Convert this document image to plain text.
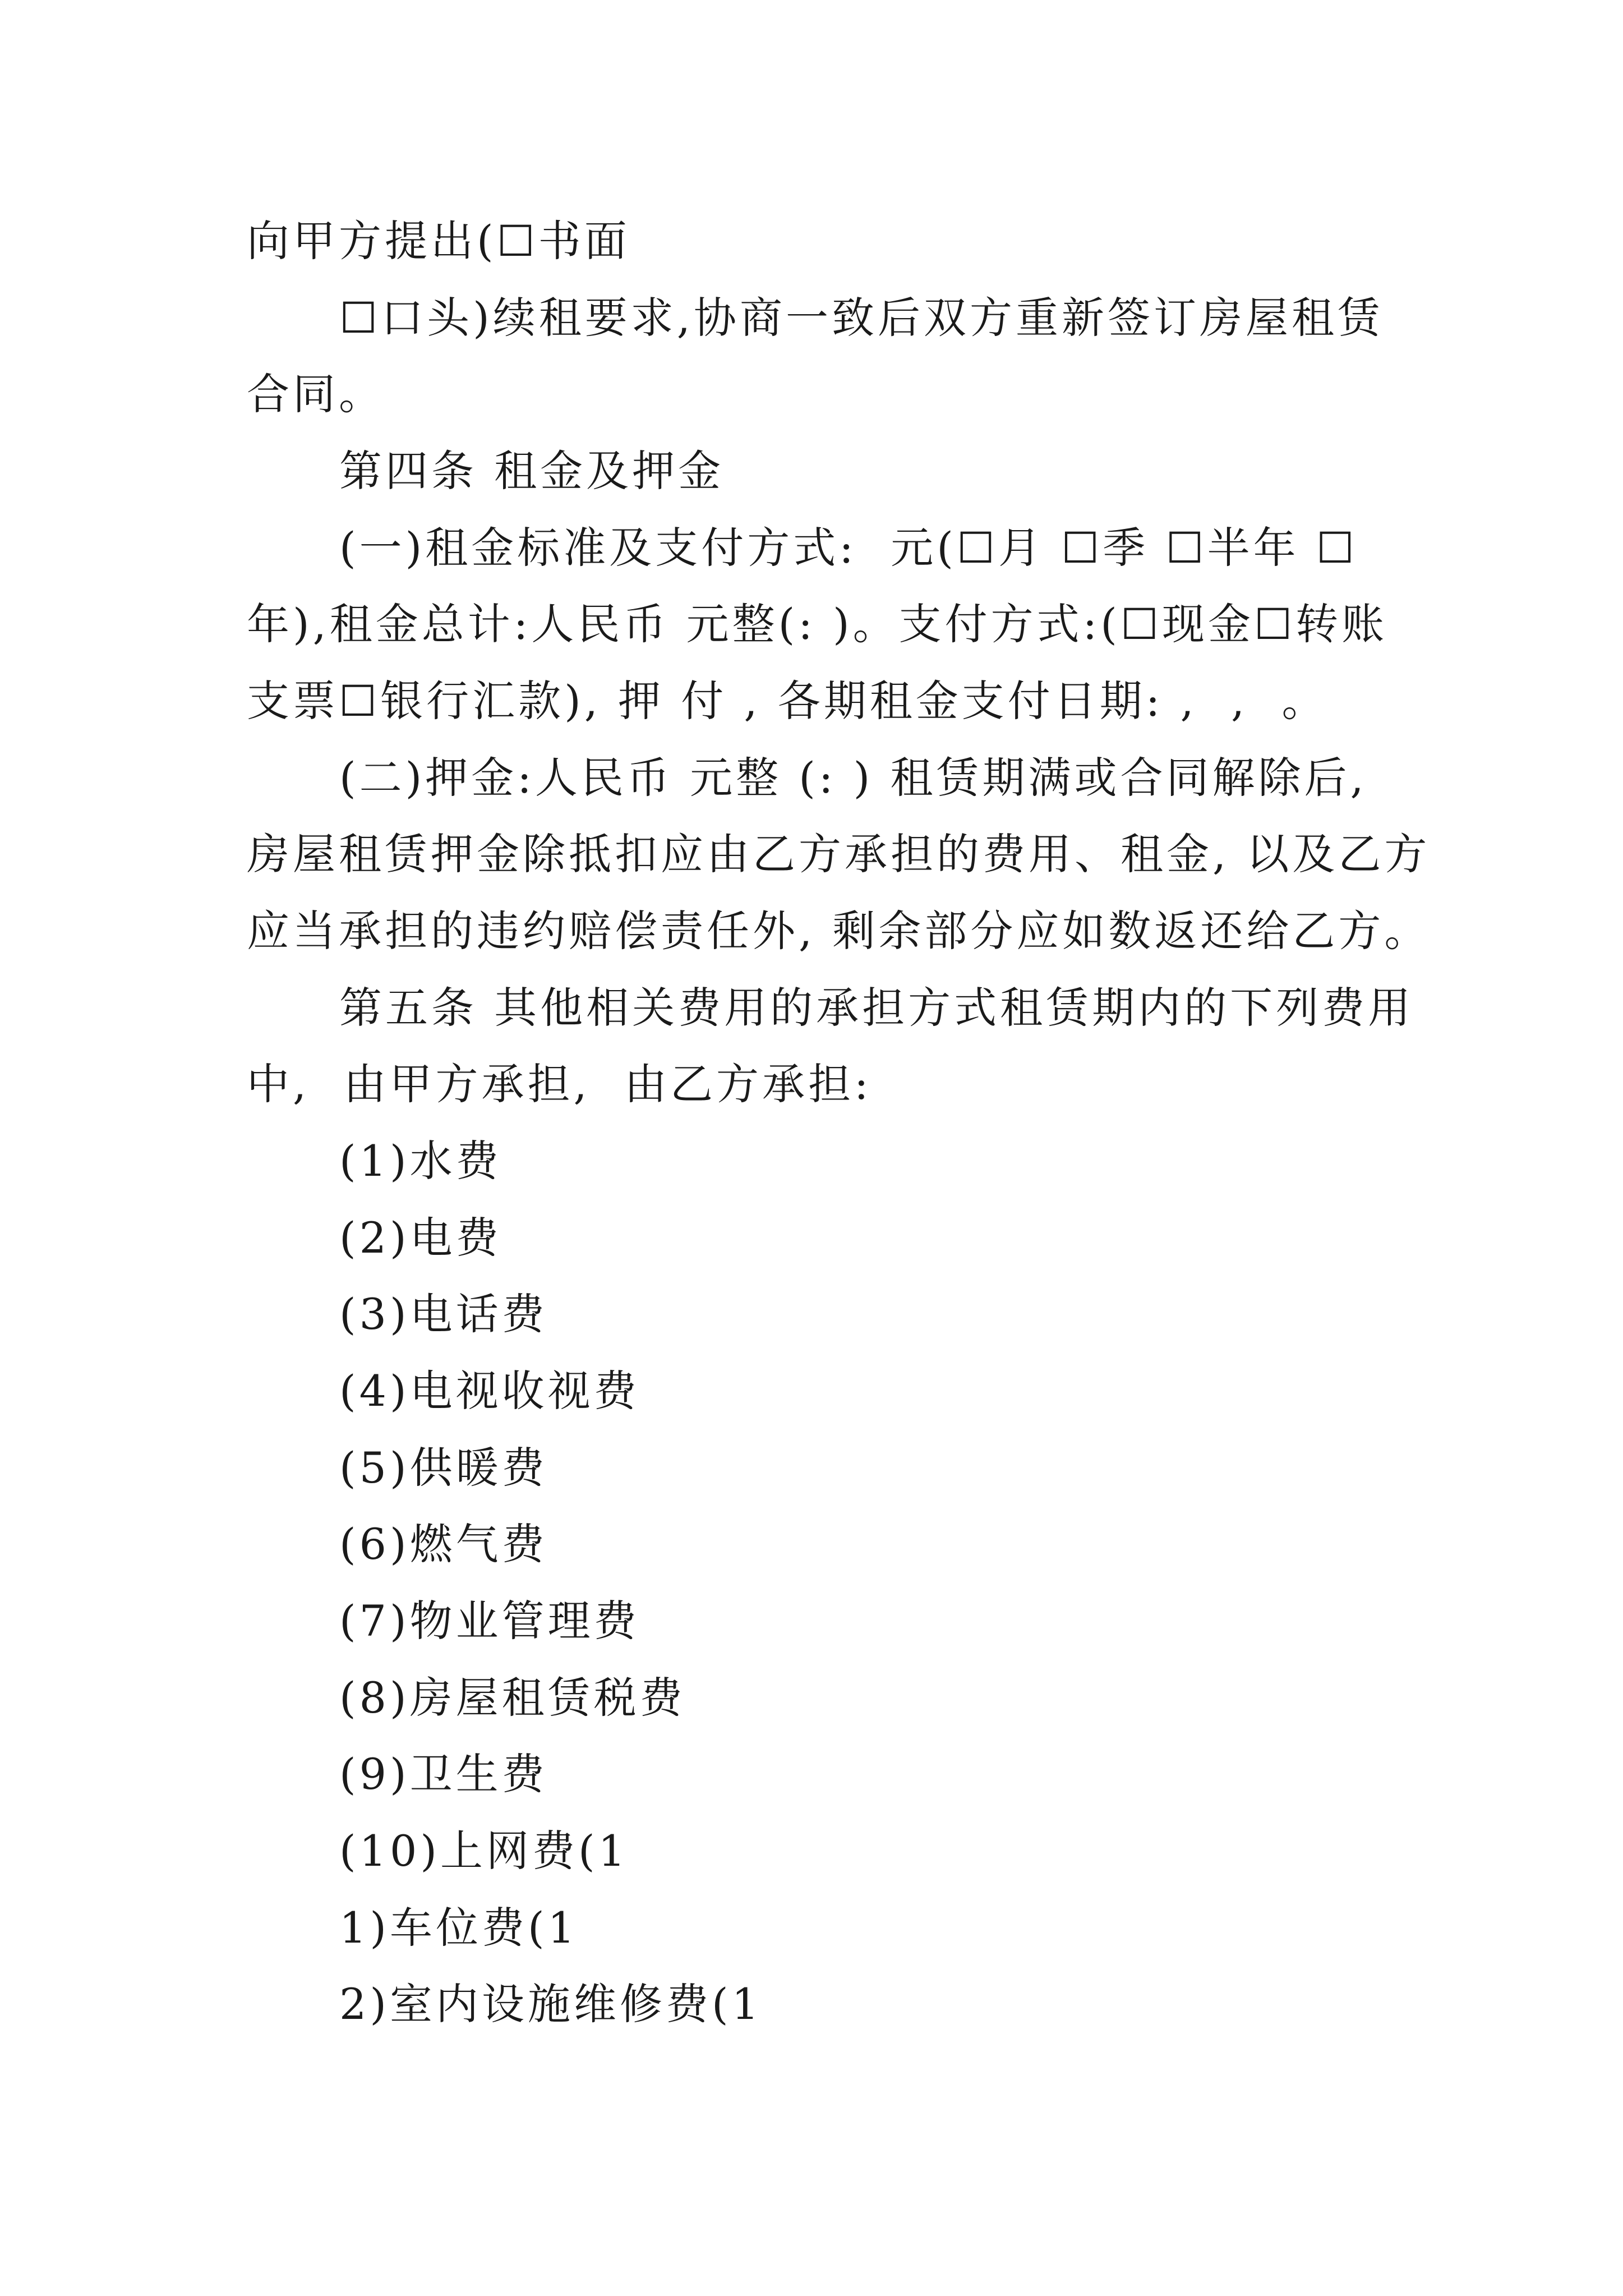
向甲方提出(☐书面
☐口头)续租要求,协商一致后双方重新签订房屋租赁
合同。
第四条 租金及押金
(一)租金标准及支付方式:  元(☐月 ☐季 ☐半年 ☐
年),租金总计:人民币 元整(: )。支付方式:(☐现金☐转账
支票☐银行汇款), 押 付 , 各期租金支付日期: ,  ,  。
(二)押金:人民币 元整 (: ) 租赁期满或合同解除后,
房屋租赁押金除抵扣应由乙方承担的费用、租金, 以及乙方
应当承担的违约赔偿责任外, 剩余部分应如数返还给乙方。
第五条 其他相关费用的承担方式租赁期内的下列费用
中,  由甲方承担,  由乙方承担:
(1)水费
(2)电费
(3)电话费
(4)电视收视费
(5)供暖费
(6)燃气费
(7)物业管理费
(8)房屋租赁税费
(9)卫生费
(10)上网费(1
1)车位费(1
2)室内设施维修费(1
